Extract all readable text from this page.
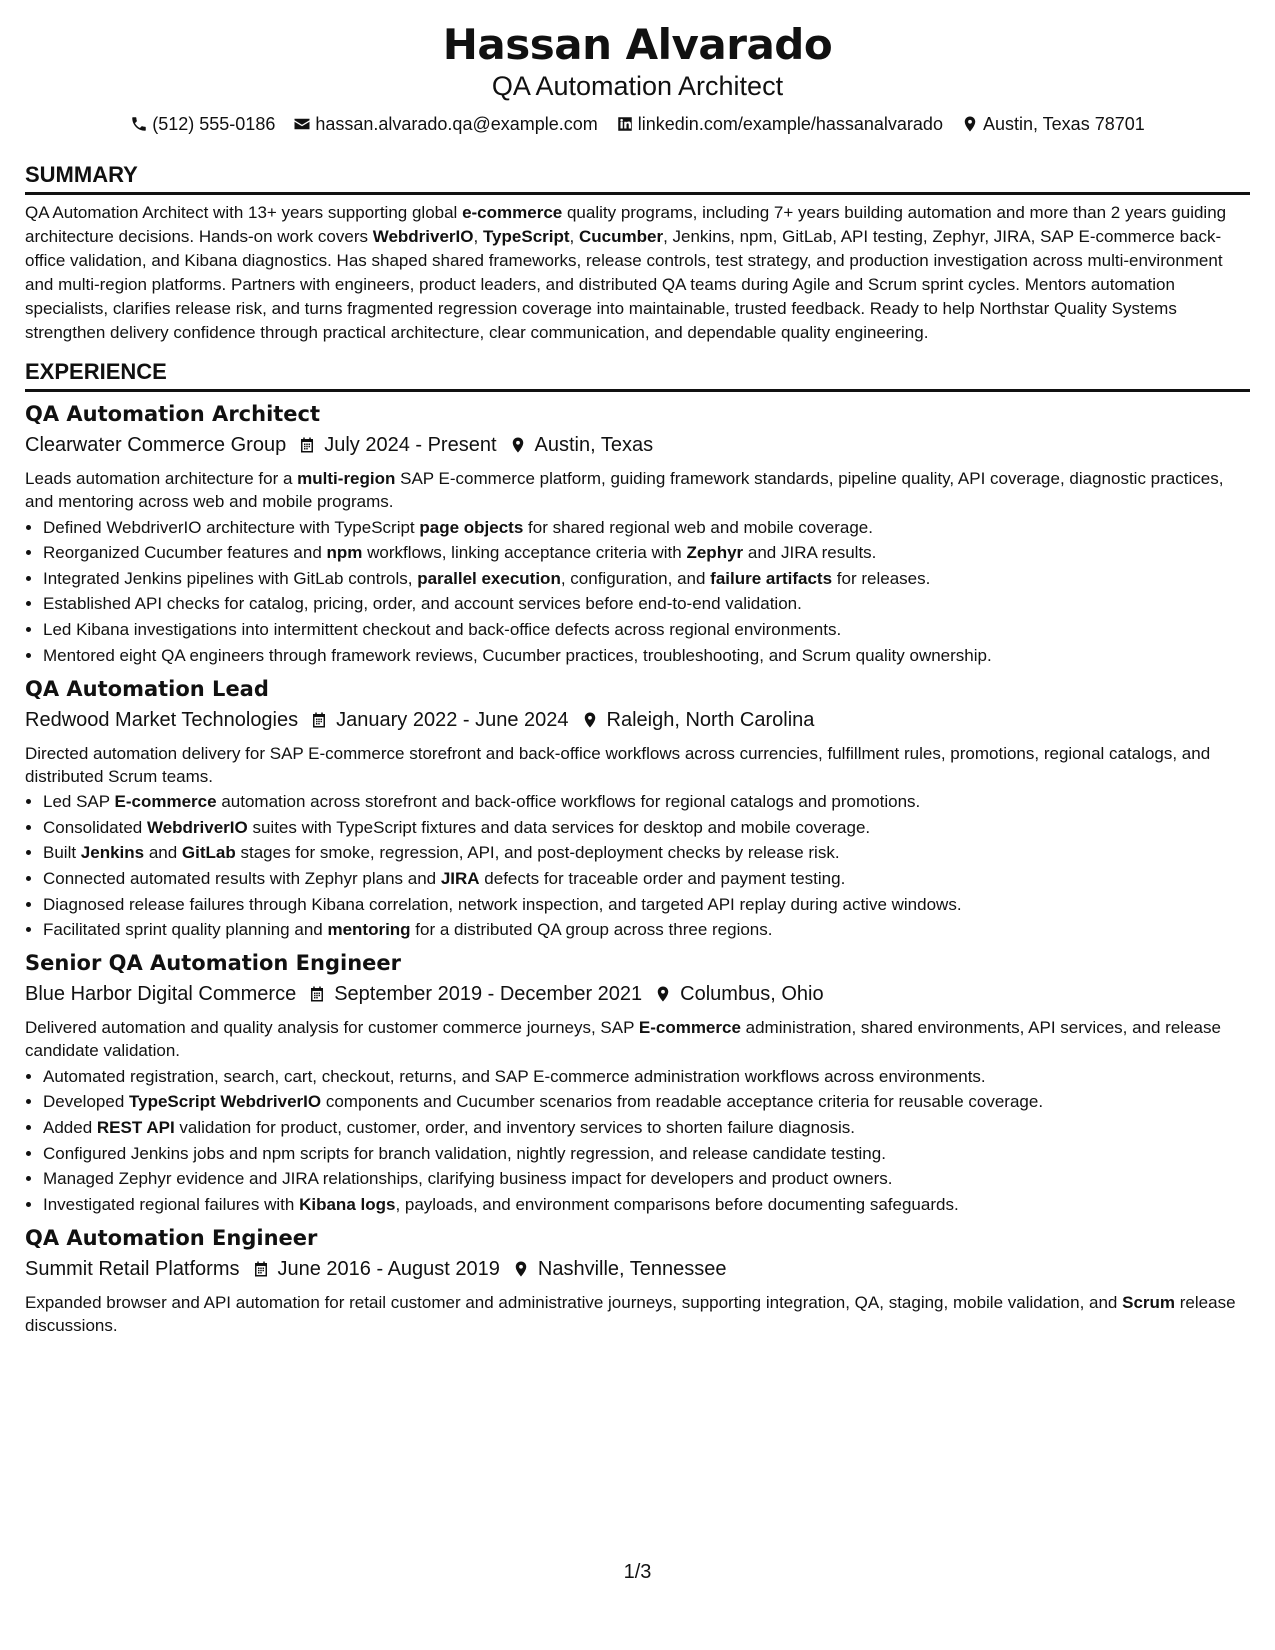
Hassan Alvarado
QA Automation Architect
(512) 555-0186 hassan.alvarado.qa@example.com linkedin.com/example/hassanalvarado Austin, Texas 78701
SUMMARY

QA Automation Architect with 13+ years supporting global e-commerce quality programs, including 7+ years building automation and more than 2 years guiding architecture decisions. Hands-on work covers WebdriverIO, TypeScript, Cucumber, Jenkins, npm, GitLab, API testing, Zephyr, JIRA, SAP E-commerce back-office validation, and Kibana diagnostics. Has shaped shared frameworks, release controls, test strategy, and production investigation across multi-environment and multi-region platforms. Partners with engineers, product leaders, and distributed QA teams during Agile and Scrum sprint cycles. Mentors automation specialists, clarifies release risk, and turns fragmented regression coverage into maintainable, trusted feedback. Ready to help Northstar Quality Systems strengthen delivery confidence through practical architecture, clear communication, and dependable quality engineering.

EXPERIENCE
QA Automation Architect
Clearwater Commerce Group July 2024 - Present Austin, Texas

Leads automation architecture for a multi-region SAP E-commerce platform, guiding framework standards, pipeline quality, API coverage, diagnostic practices, and mentoring across web and mobile programs.

• Defined WebdriverIO architecture with TypeScript page objects for shared regional web and mobile coverage.
• Reorganized Cucumber features and npm workflows, linking acceptance criteria with Zephyr and JIRA results.
• Integrated Jenkins pipelines with GitLab controls, parallel execution, configuration, and failure artifacts for releases.
• Established API checks for catalog, pricing, order, and account services before end-to-end validation.
• Led Kibana investigations into intermittent checkout and back-office defects across regional environments.
• Mentored eight QA engineers through framework reviews, Cucumber practices, troubleshooting, and Scrum quality ownership.
QA Automation Lead
Redwood Market Technologies January 2022 - June 2024 Raleigh, North Carolina

Directed automation delivery for SAP E-commerce storefront and back-office workflows across currencies, fulfillment rules, promotions, regional catalogs, and distributed Scrum teams.

• Led SAP E-commerce automation across storefront and back-office workflows for regional catalogs and promotions.
• Consolidated WebdriverIO suites with TypeScript fixtures and data services for desktop and mobile coverage.
• Built Jenkins and GitLab stages for smoke, regression, API, and post-deployment checks by release risk.
• Connected automated results with Zephyr plans and JIRA defects for traceable order and payment testing.
• Diagnosed release failures through Kibana correlation, network inspection, and targeted API replay during active windows.
• Facilitated sprint quality planning and mentoring for a distributed QA group across three regions.
Senior QA Automation Engineer
Blue Harbor Digital Commerce September 2019 - December 2021 Columbus, Ohio

Delivered automation and quality analysis for customer commerce journeys, SAP E-commerce administration, shared environments, API services, and release candidate validation.

• Automated registration, search, cart, checkout, returns, and SAP E-commerce administration workflows across environments.
• Developed TypeScript WebdriverIO components and Cucumber scenarios from readable acceptance criteria for reusable coverage.
• Added REST API validation for product, customer, order, and inventory services to shorten failure diagnosis.
• Configured Jenkins jobs and npm scripts for branch validation, nightly regression, and release candidate testing.
• Managed Zephyr evidence and JIRA relationships, clarifying business impact for developers and product owners.
• Investigated regional failures with Kibana logs, payloads, and environment comparisons before documenting safeguards.
QA Automation Engineer
Summit Retail Platforms June 2016 - August 2019 Nashville, Tennessee

Expanded browser and API automation for retail customer and administrative journeys, supporting integration, QA, staging, mobile validation, and Scrum release discussions.

1/3
